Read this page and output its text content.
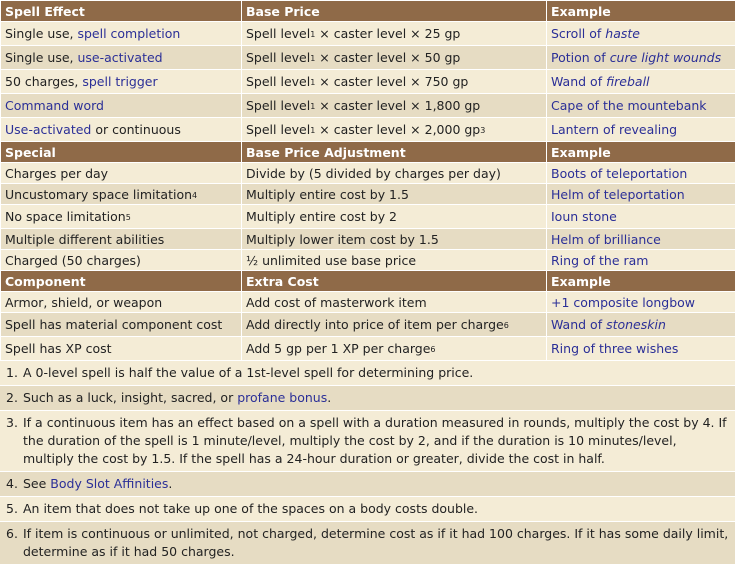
Spell Effect	Base Price	Example
Single use, spell completion	Spell level$^1$ × caster level × 25 gp	Scroll of haste
Single use, use-activated	Spell level$^1$ × caster level × 50 gp	Potion of cure light wounds
50 charges, spell trigger	Spell level$^1$ × caster level × 750 gp	Wand of fireball
Command word	Spell level$^1$ × caster level × 1,800 gp	Cape of the mountebank
Use-activated or continuous	Spell level$^1$ × caster level × 2,000 $gp^3$	Lantern of revealing
Special	Base Price Adjustment	Example
Charges per day	Divide by (5 divided by charges per day)	Boots of teleportation
Uncustomary space limitation$^4$	Multiply entire cost by 1.5	Helm of teleportation
No space limitation$^5$	Multiply entire cost by 2	Ioun stone
Multiple different abilities	Multiply lower item cost by 1.5	Helm of brilliance
Charged (50 charges)	½ unlimited use base price	Ring of the ram
Component	Extra Cost	Example
Armor, shield, or weapon	Add cost of masterwork item	+1 composite longbow
Spell has material component cost	Add directly into price of item per charge$^6$	Wand of stoneskin
Spell has XP cost	Add 5 gp per 1 XP per charge$^6$	Ring of three wishes
1. A 0-level spell is half the value of a 1st-level spell for determining price.
2. Such as a luck, insight, sacred, or profane bonus.
3. If a continuous item has an effect based on a spell with a duration measured in rounds, multiply the cost by 4. If the duration of the spell is 1 minute/level, multiply the cost by 2, and if the duration is 10 minutes/level, multiply the cost by 1.5. If the spell has a 24-hour duration or greater, divide the cost in half.
4. See Body Slot Affinities.
5. An item that does not take up one of the spaces on a body costs double.
6. If item is continuous or unlimited, not charged, determine cost as if it had 100 charges. If it has some daily limit, determine as if it had 50 charges.
